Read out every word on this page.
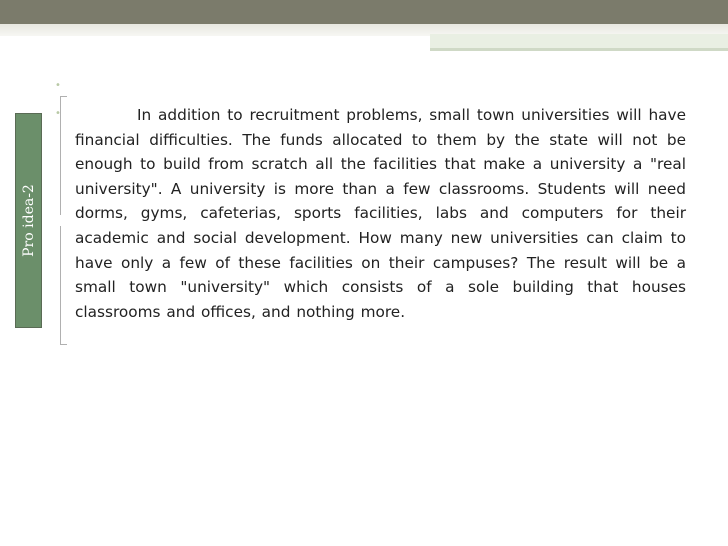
Pro idea-2
•
•	In addition to recruitment problems, small town universities will have financial difficulties. The funds allocated to them by the state will not be enough to build from scratch all the facilities that make a university a "real university". A university is more than a few classrooms. Students will need dorms, gyms, cafeterias, sports facilities, labs and computers for their academic and social development. How many new universities can claim to have only a few of these facilities on their campuses? The result will be a small town "university" which consists of a sole building that houses classrooms and offices, and nothing more.
